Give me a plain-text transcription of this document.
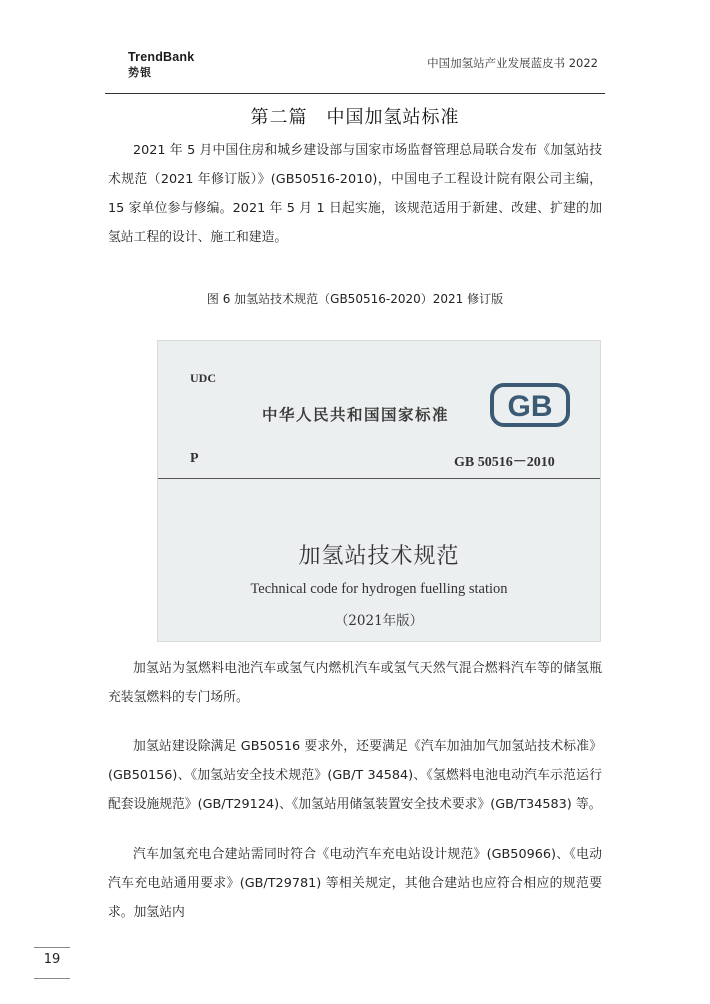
TrendBank
势银
中国加氢站产业发展蓝皮书 2022
第二篇　中国加氢站标准

2021 年 5 月中国住房和城乡建设部与国家市场监督管理总局联合发布《加氢站技术规范（2021 年修订版）》(GB50516-2010)，中国电子工程设计院有限公司主编，15 家单位参与修编。2021 年 5 月 1 日起实施，该规范适用于新建、改建、扩建的加氢站工程的设计、施工和建造。

图 6 加氢站技术规范（GB50516-2020）2021 修订版
UDC
中华人民共和国国家标准 GB
P	GB 50516－2010
加氢站技术规范
Technical code for hydrogen fuelling station
（2021年版）

加氢站为氢燃料电池汽车或氢气内燃机汽车或氢气天然气混合燃料汽车等的储氢瓶充装氢燃料的专门场所。

加氢站建设除满足 GB50516 要求外，还要满足《汽车加油加气加氢站技术标准》(GB50156)、《加氢站安全技术规范》(GB/T 34584)、《氢燃料电池电动汽车示范运行配套设施规范》(GB/T29124)、《加氢站用储氢装置安全技术要求》(GB/T34583) 等。

汽车加氢充电合建站需同时符合《电动汽车充电站设计规范》(GB50966)、《电动汽车充电站通用要求》(GB/T29781) 等相关规定，其他合建站也应符合相应的规范要求。加氢站内

19
